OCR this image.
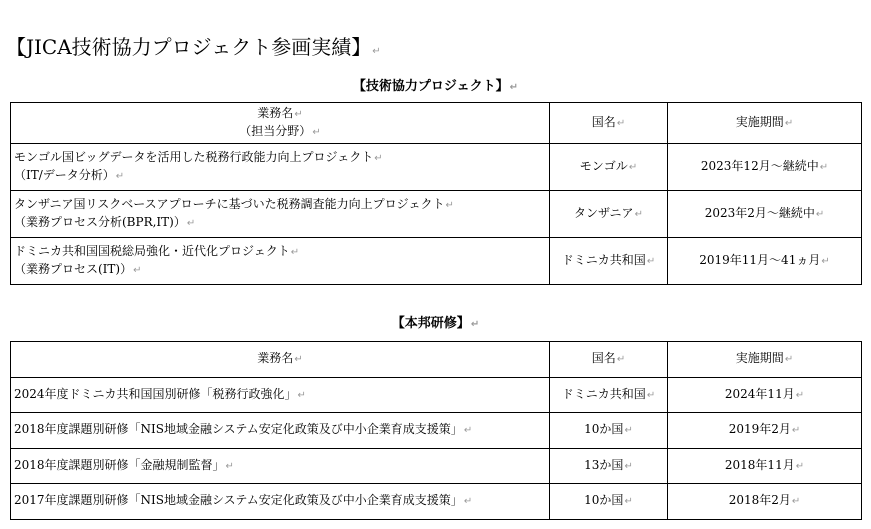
【JICA技術協力プロジェクト参画実績】↵
【技術協力プロジェクト】↵
業務名↵
（担当分野）↵	国名↵	実施期間↵

モンゴル国ビッグデータを活用した税務行政能力向上プロジェクト↵
（IT/データ分析）↵	モンゴル↵	2023年12月～継続中↵

タンザニア国リスクベースアプローチに基づいた税務調査能力向上プロジェクト↵
（業務プロセス分析(BPR,IT)）↵	タンザニア↵	2023年2月～継続中↵

ドミニカ共和国国税総局強化・近代化プロジェクト↵
（業務プロセス(IT)）↵	ドミニカ共和国↵	2019年11月～41ヵ月↵
【本邦研修】↵
業務名↵	国名↵	実施期間↵
2024年度ドミニカ共和国国別研修「税務行政強化」↵	ドミニカ共和国↵	2024年11月↵
2018年度課題別研修「NIS地域金融システム安定化政策及び中小企業育成支援策」↵	10か国↵	2019年2月↵
2018年度課題別研修「金融規制監督」↵	13か国↵	2018年11月↵
2017年度課題別研修「NIS地域金融システム安定化政策及び中小企業育成支援策」↵	10か国↵	2018年2月↵
